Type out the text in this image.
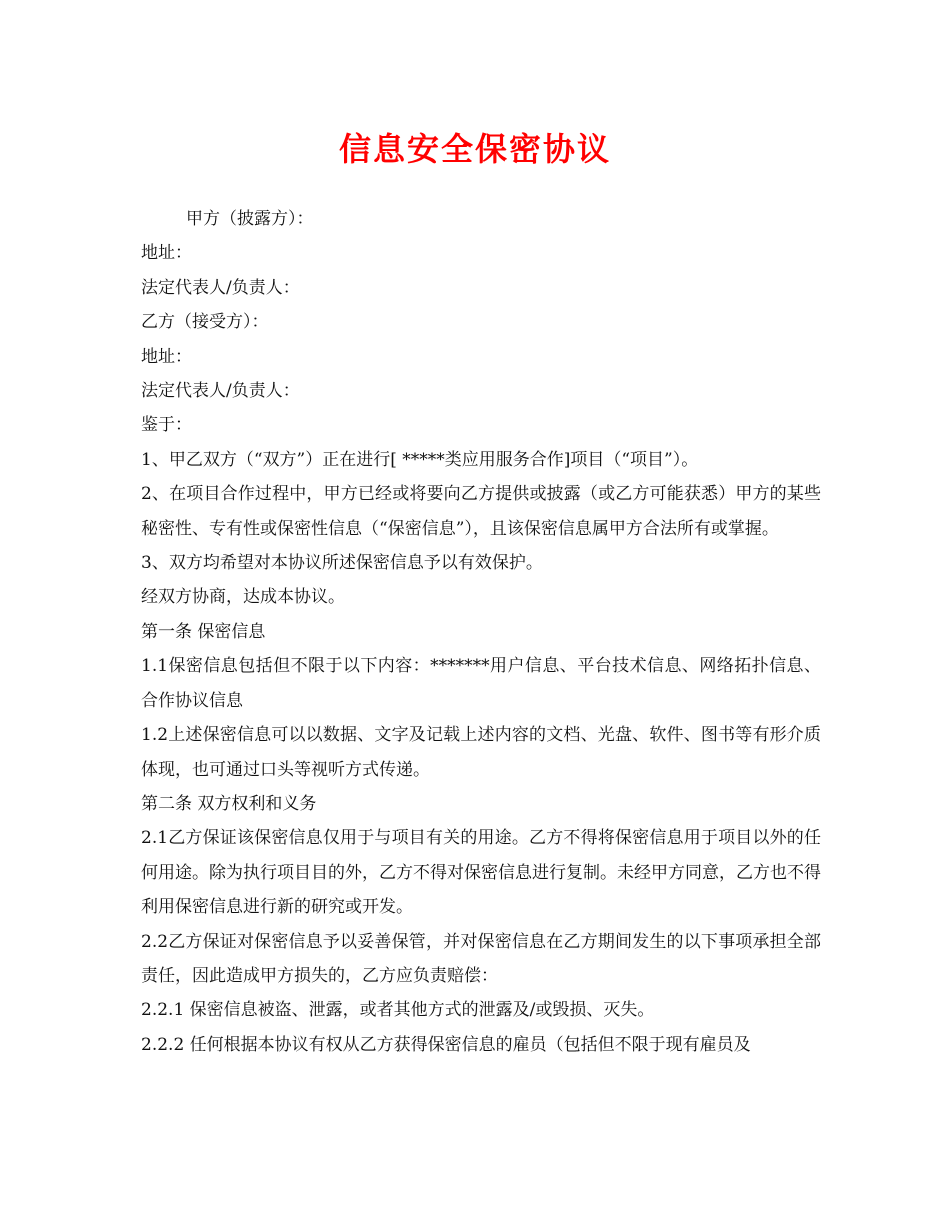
信息安全保密协议

甲方（披露方）：

地址：

法定代表人/负责人：

乙方（接受方）：

地址：

法定代表人/负责人：

鉴于：

1、甲乙双方（“双方”）正在进行[ *****类应用服务合作]项目（“项目”）。

2、在项目合作过程中，甲方已经或将要向乙方提供或披露（或乙方可能获悉）甲方的某些秘密性、专有性或保密性信息（“保密信息”），且该保密信息属甲方合法所有或掌握。

3、双方均希望对本协议所述保密信息予以有效保护。

经双方协商，达成本协议。

第一条 保密信息

1.1保密信息包括但不限于以下内容：*******用户信息、平台技术信息、网络拓扑信息、合作协议信息

1.2上述保密信息可以以数据、文字及记载上述内容的文档、光盘、软件、图书等有形介质体现，也可通过口头等视听方式传递。

第二条 双方权利和义务

2.1乙方保证该保密信息仅用于与项目有关的用途。乙方不得将保密信息用于项目以外的任何用途。除为执行项目目的外，乙方不得对保密信息进行复制。未经甲方同意，乙方也不得利用保密信息进行新的研究或开发。

2.2乙方保证对保密信息予以妥善保管，并对保密信息在乙方期间发生的以下事项承担全部责任，因此造成甲方损失的，乙方应负责赔偿：

2.2.1 保密信息被盗、泄露，或者其他方式的泄露及/或毁损、灭失。

2.2.2 任何根据本协议有权从乙方获得保密信息的雇员（包括但不限于现有雇员及
